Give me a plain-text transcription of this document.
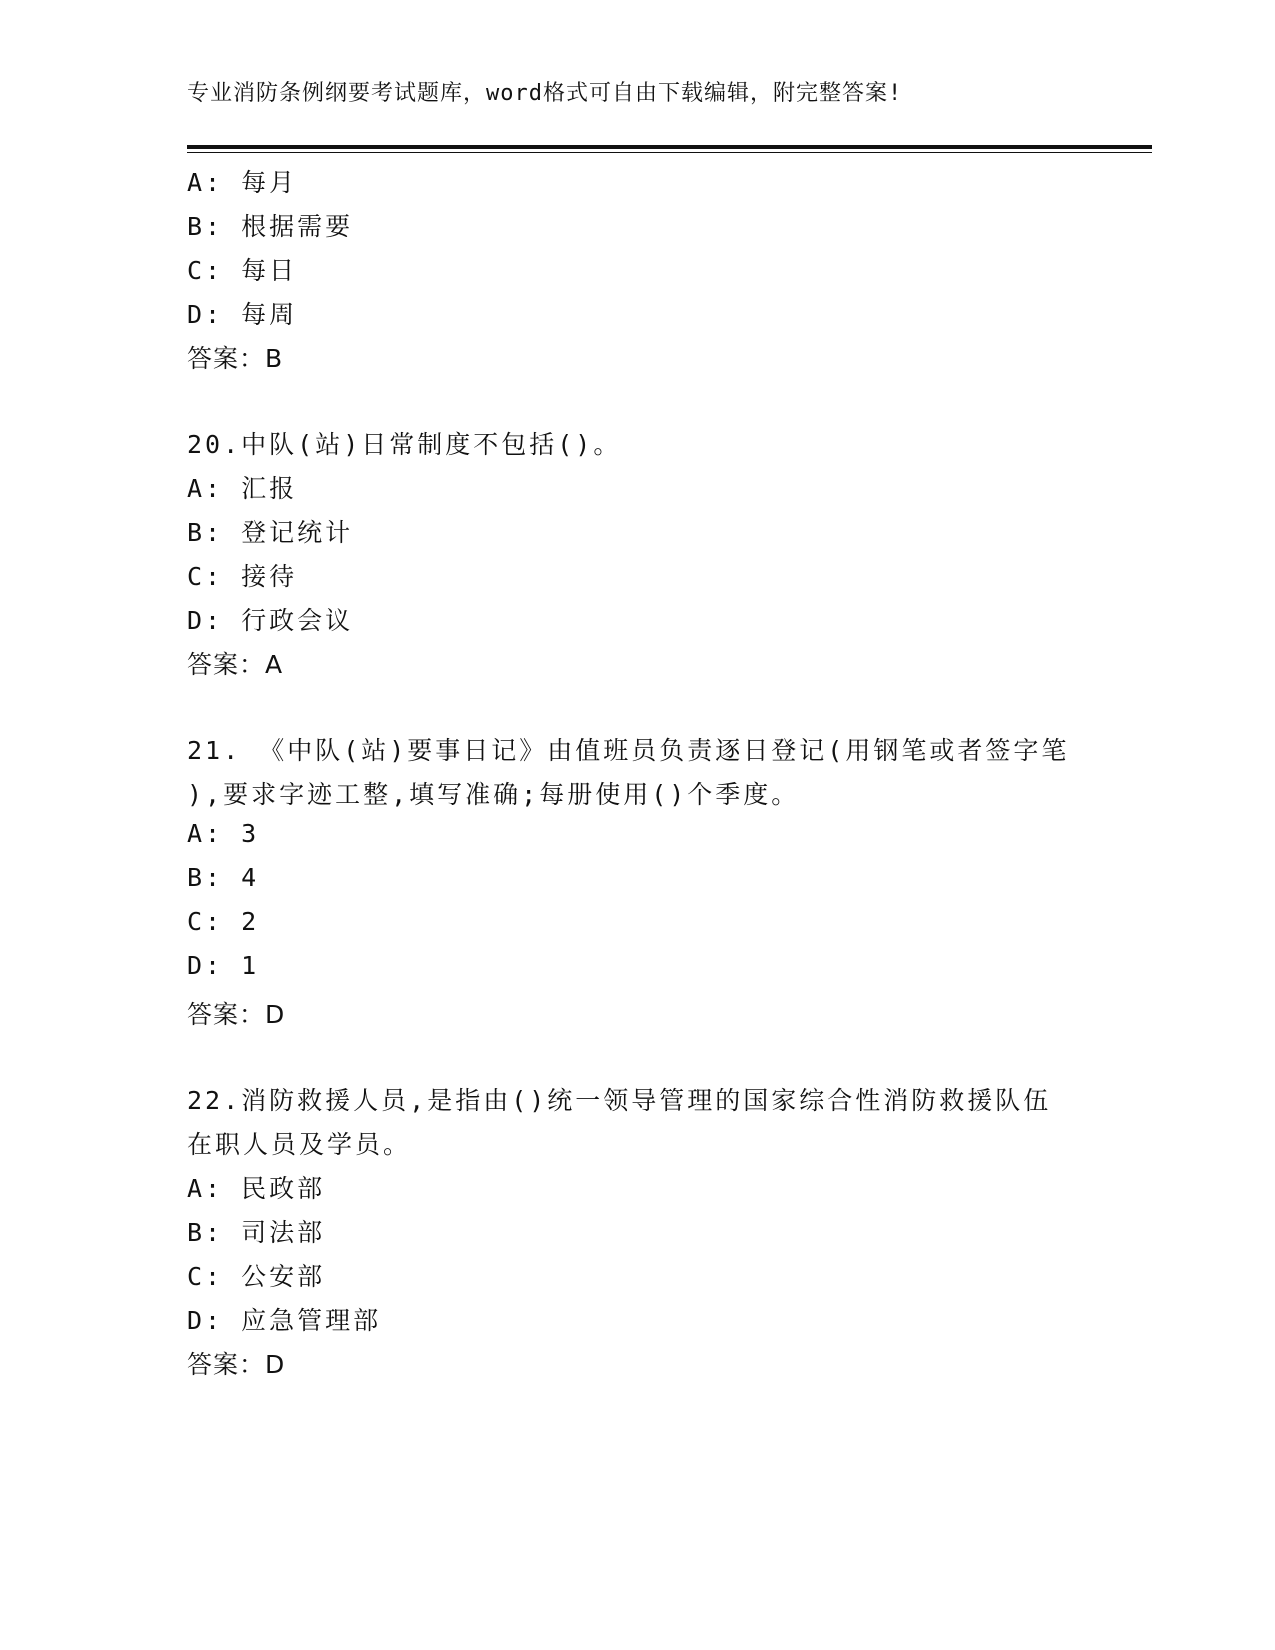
专业消防条例纲要考试题库，word格式可自由下载编辑，附完整答案!
A: 每月
B: 根据需要
C: 每日
D: 每周
答案：B
20.中队(站)日常制度不包括()。
A: 汇报
B: 登记统计
C: 接待
D: 行政会议
答案：A
21. 《中队(站)要事日记》由值班员负责逐日登记(用钢笔或者签字笔
),要求字迹工整,填写准确;每册使用()个季度。
A: 3
B: 4
C: 2
D: 1
答案：D
22.消防救援人员,是指由()统一领导管理的国家综合性消防救援队伍
在职人员及学员。
A: 民政部
B: 司法部
C: 公安部
D: 应急管理部
答案：D
